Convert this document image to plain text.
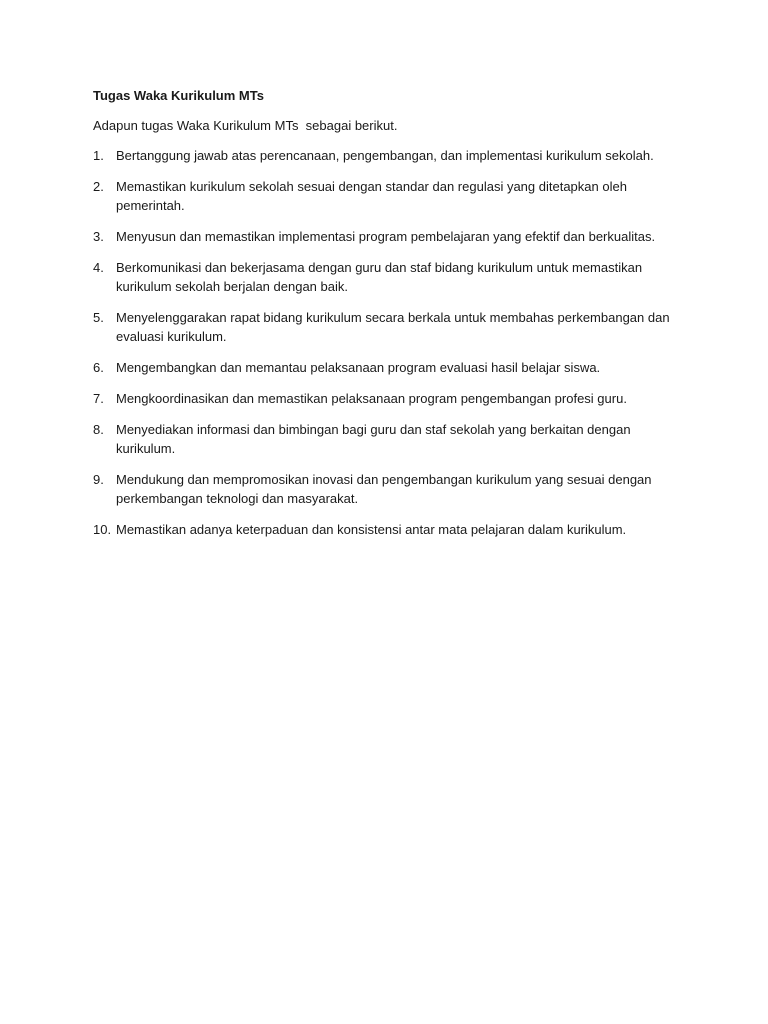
Tugas Waka Kurikulum MTs
Adapun tugas Waka Kurikulum MTs  sebagai berikut.
1. Bertanggung jawab atas perencanaan, pengembangan, dan implementasi kurikulum sekolah.
2. Memastikan kurikulum sekolah sesuai dengan standar dan regulasi yang ditetapkan oleh pemerintah.
3. Menyusun dan memastikan implementasi program pembelajaran yang efektif dan berkualitas.
4. Berkomunikasi dan bekerjasama dengan guru dan staf bidang kurikulum untuk memastikan kurikulum sekolah berjalan dengan baik.
5. Menyelenggarakan rapat bidang kurikulum secara berkala untuk membahas perkembangan dan evaluasi kurikulum.
6. Mengembangkan dan memantau pelaksanaan program evaluasi hasil belajar siswa.
7. Mengkoordinasikan dan memastikan pelaksanaan program pengembangan profesi guru.
8. Menyediakan informasi dan bimbingan bagi guru dan staf sekolah yang berkaitan dengan kurikulum.
9. Mendukung dan mempromosikan inovasi dan pengembangan kurikulum yang sesuai dengan perkembangan teknologi dan masyarakat.
10. Memastikan adanya keterpaduan dan konsistensi antar mata pelajaran dalam kurikulum.
